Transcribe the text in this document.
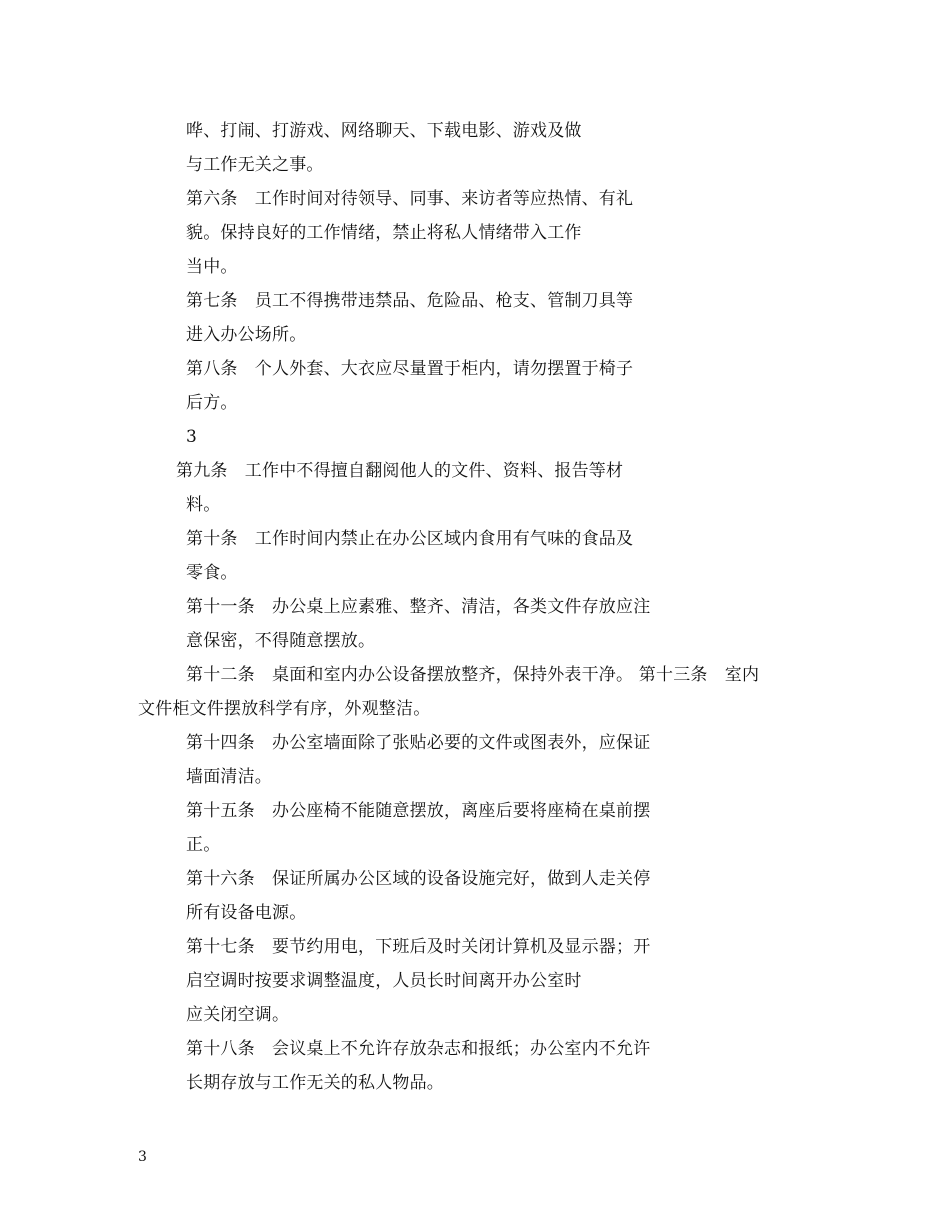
哗、打闹、打游戏、网络聊天、下载电影、游戏及做
与工作无关之事。
第六条　工作时间对待领导、同事、来访者等应热情、有礼
貌。保持良好的工作情绪，禁止将私人情绪带入工作
当中。
第七条　员工不得携带违禁品、危险品、枪支、管制刀具等
进入办公场所。
第八条　个人外套、大衣应尽量置于柜内，请勿摆置于椅子
后方。
3
第九条　工作中不得擅自翻阅他人的文件、资料、报告等材
料。
第十条　工作时间内禁止在办公区域内食用有气味的食品及
零食。
第十一条　办公桌上应素雅、整齐、清洁，各类文件存放应注
意保密，不得随意摆放。
第十二条　桌面和室内办公设备摆放整齐，保持外表干净。 第十三条　室内
文件柜文件摆放科学有序，外观整洁。
第十四条　办公室墙面除了张贴必要的文件或图表外，应保证
墙面清洁。
第十五条　办公座椅不能随意摆放，离座后要将座椅在桌前摆
正。
第十六条　保证所属办公区域的设备设施完好，做到人走关停
所有设备电源。
第十七条　要节约用电，下班后及时关闭计算机及显示器；开
启空调时按要求调整温度，人员长时间离开办公室时
应关闭空调。
第十八条　会议桌上不允许存放杂志和报纸；办公室内不允许
长期存放与工作无关的私人物品。
3
